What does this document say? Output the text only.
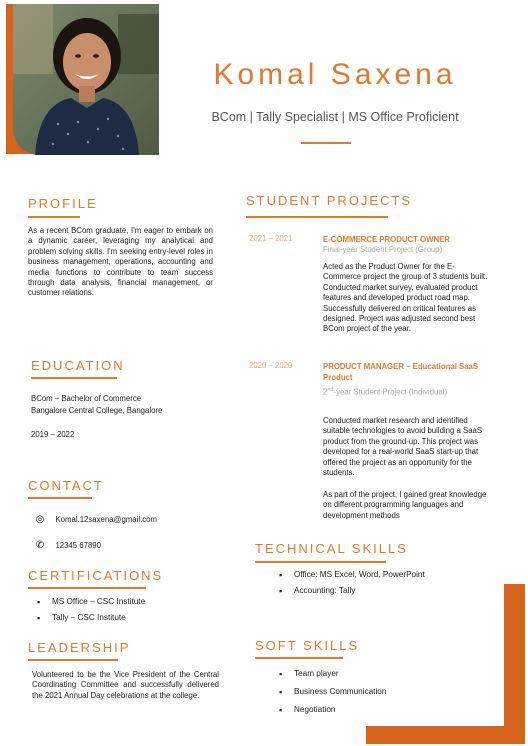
Komal Saxena
BCom | Tally Specialist | MS Office Proficient
PROFILE
As a recent BCom graduate, I'm eager to embark on a dynamic career, leveraging my analytical and problem solving skills. I'm seeking entry-level roles in business management, operations, accounting and media functions to contribute to team success through data analysis, financial management, or customer relations.
EDUCATION
BCom – Bachelor of Commerce
Bangalore Central College, Bangalore
2019 – 2022
CONTACT
◎ Komal.12saxena@gmail.com
✆ 12345 67890
CERTIFICATIONS
▪ MS Office – CSC Institute
▪ Tally – CSC Institute
LEADERSHIP
Volunteered to be the Vice President of the Central Coordinating Committee and successfully delivered the 2021 Annual Day celebrations at the college.
STUDENT PROJECTS
2021 – 2021	E-COMMERCE PRODUCT OWNER
Final-year Student Project (Group)
Acted as the Product Owner for the E-Commerce project the group of 3 students built. Conducted market survey, evaluated product features and developed product road map. Successfully delivered on critical features as designed. Project was adjusted second best BCom project of the year.
2020 – 2020	PRODUCT MANAGER – Educational SaaS Product
2nd-year Student Project (Individual)
Conducted market research and identified suitable technologies to avoid building a SaaS product from the ground-up. This project was developed for a real-world SaaS start-up that offered the project as an opportunity for the students.
As part of the project, I gained great knowledge on different programming languages and development methods
TECHNICAL SKILLS
▪ Office: MS Excel, Word, PowerPoint
▪ Accounting: Tally
SOFT SKILLS
▪ Team player
▪ Business Communication
▪ Negotiation
